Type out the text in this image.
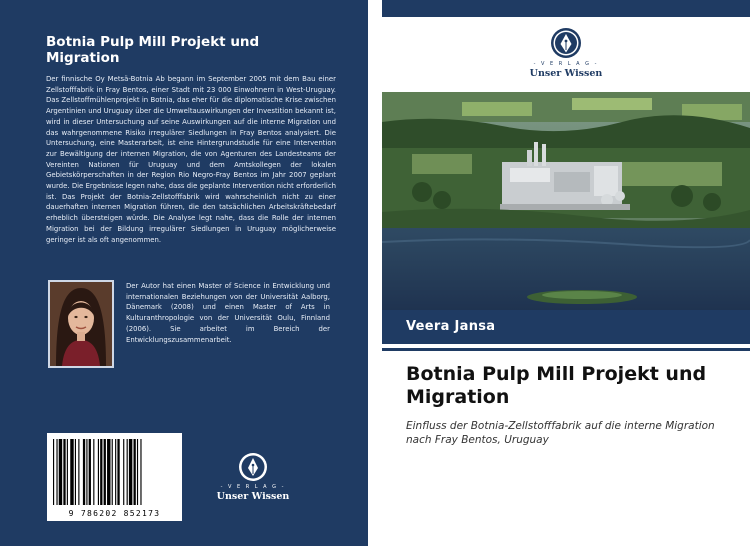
Botnia Pulp Mill Projekt und Migration
Der finnische Oy Metsä-Botnia Ab begann im September 2005 mit dem Bau einer Zellstofffabrik in Fray Bentos, einer Stadt mit 23 000 Einwohnern in West-Uruguay. Das Zellstoffmühlenprojekt in Botnia, das eher für die diplomatische Krise zwischen Argentinien und Uruguay über die Umweltauswirkungen der Investition bekannt ist, wird in dieser Untersuchung auf seine Auswirkungen auf die interne Migration und das wahrgenommene Risiko irregulärer Siedlungen in Fray Bentos analysiert. Die Untersuchung, eine Masterarbeit, ist eine Hintergrundstudie für eine Intervention zur Bewältigung der internen Migration, die von Agenturen des Landesteams der Vereinten Nationen für Uruguay und dem Amtskollegen der lokalen Gebietskörperschaften in der Region Rio Negro-Fray Bentos im Jahr 2007 geplant wurde. Die Ergebnisse legen nahe, dass die geplante Intervention nicht erforderlich ist. Das Projekt der Botnia-Zellstofffabrik wird wahrscheinlich nicht zu einer dauerhaften internen Migration führen, die den tatsächlichen Arbeitskräftebedarf erheblich übersteigen würde. Die Analyse legt nahe, dass die Rolle der internen Migration bei der Bildung irregulärer Siedlungen in Uruguay möglicherweise geringer ist als oft angenommen.
Der Autor hat einen Master of Science in Entwicklung und internationalen Beziehungen von der Universität Aalborg, Dänemark (2008) und einen Master of Arts in Kulturanthropologie von der Universität Oulu, Finnland (2006). Sie arbeitet im Bereich der Entwicklungszusammenarbeit.
9 786202 852173
- V E R L A G -
Unser Wissen
- V E R L A G -
Unser Wissen
Veera Jansa
Botnia Pulp Mill Projekt und Migration
Einfluss der Botnia-Zellstofffabrik auf die interne Migration nach Fray Bentos, Uruguay
